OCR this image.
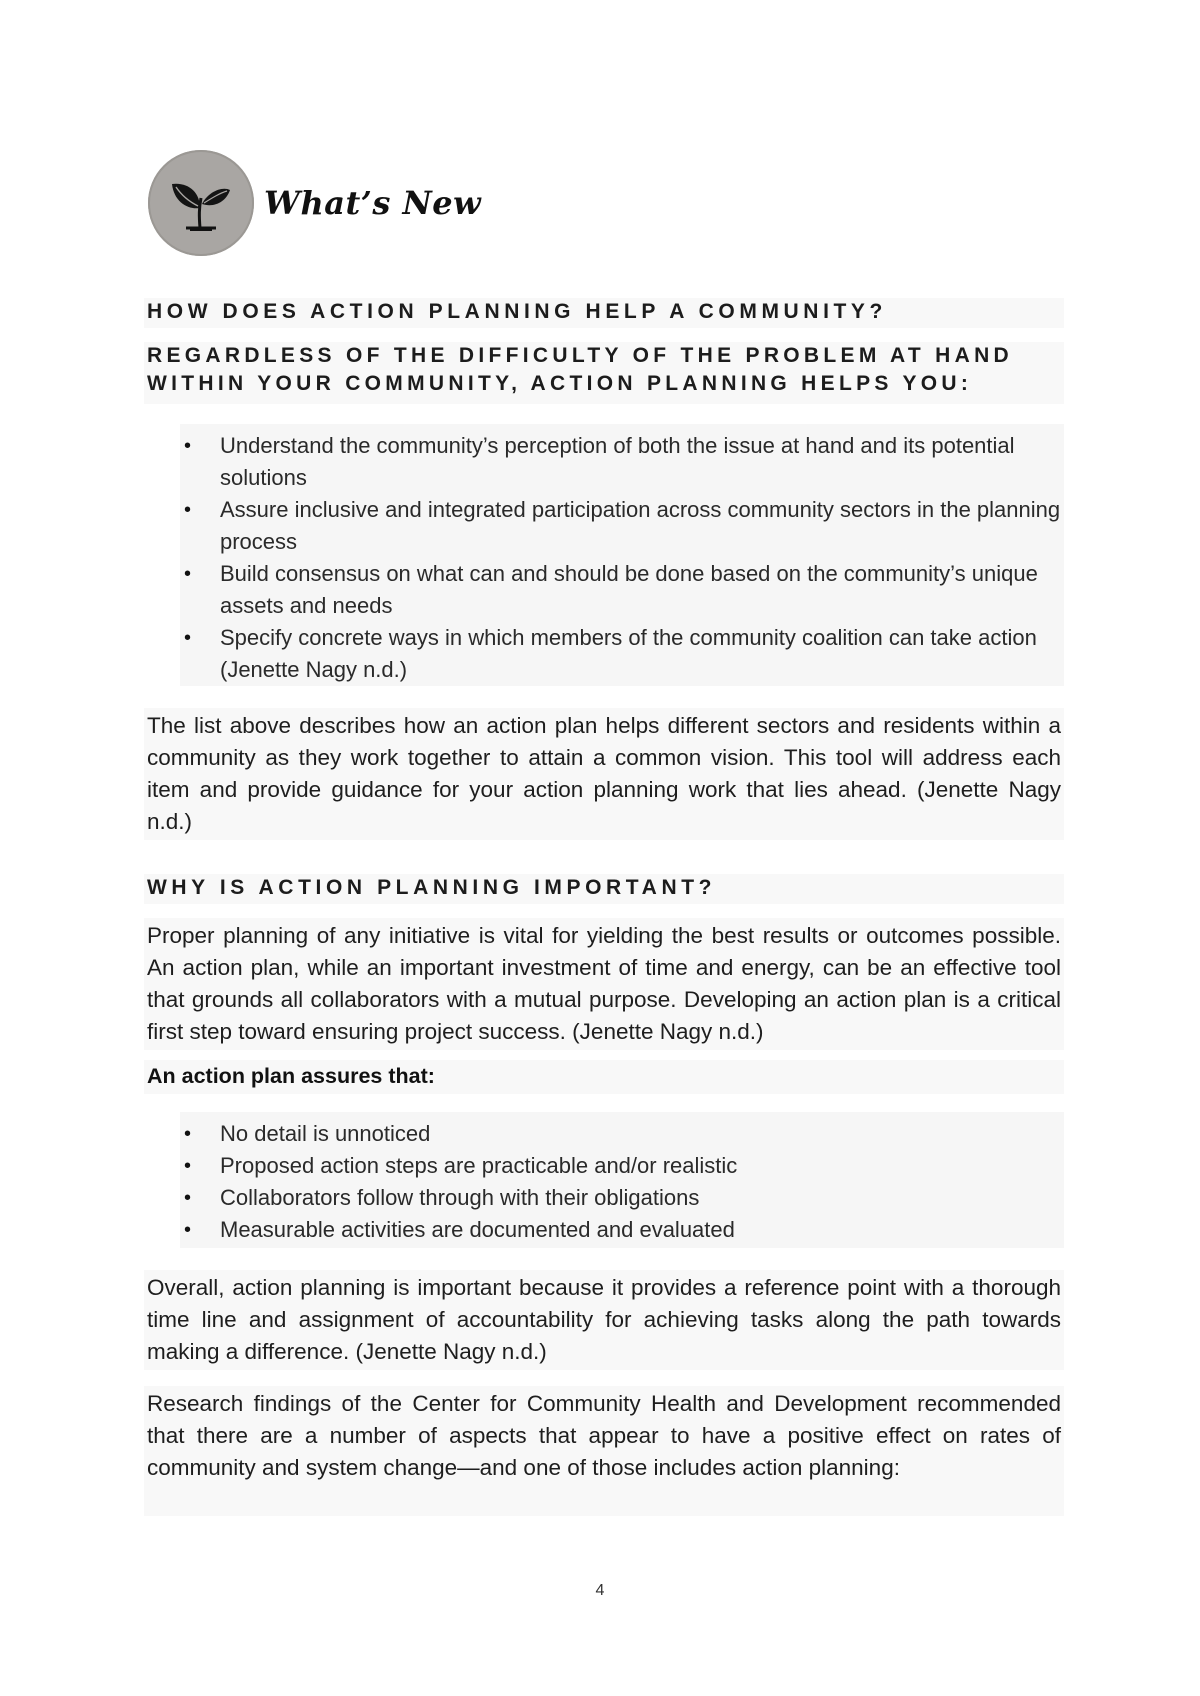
What’s New
HOW DOES ACTION PLANNING HELP A COMMUNITY?
REGARDLESS OF THE DIFFICULTY OF THE PROBLEM AT HAND
WITHIN YOUR COMMUNITY, ACTION PLANNING HELPS YOU:
• Understand the community’s perception of both the issue at hand and its potential solutions
• Assure inclusive and integrated participation across community sectors in the planning process
• Build consensus on what can and should be done based on the community’s unique assets and needs
• Specify concrete ways in which members of the community coalition can take action (Jenette Nagy n.d.)
The list above describes how an action plan helps different sectors and residents within a community as they work together to attain a common vision. This tool will address each item and provide guidance for your action planning work that lies ahead. (Jenette Nagy n.d.)
WHY IS ACTION PLANNING IMPORTANT?
Proper planning of any initiative is vital for yielding the best results or outcomes possible. An action plan, while an important investment of time and energy, can be an effective tool that grounds all collaborators with a mutual purpose. Developing an action plan is a critical first step toward ensuring project success. (Jenette Nagy n.d.)
An action plan assures that:
• No detail is unnoticed
• Proposed action steps are practicable and/or realistic
• Collaborators follow through with their obligations
• Measurable activities are documented and evaluated
Overall, action planning is important because it provides a reference point with a thorough time line and assignment of accountability for achieving tasks along the path towards making a difference. (Jenette Nagy n.d.)
Research findings of the Center for Community Health and Development recommended that there are a number of aspects that appear to have a positive effect on rates of community and system change—and one of those includes action planning:
4
